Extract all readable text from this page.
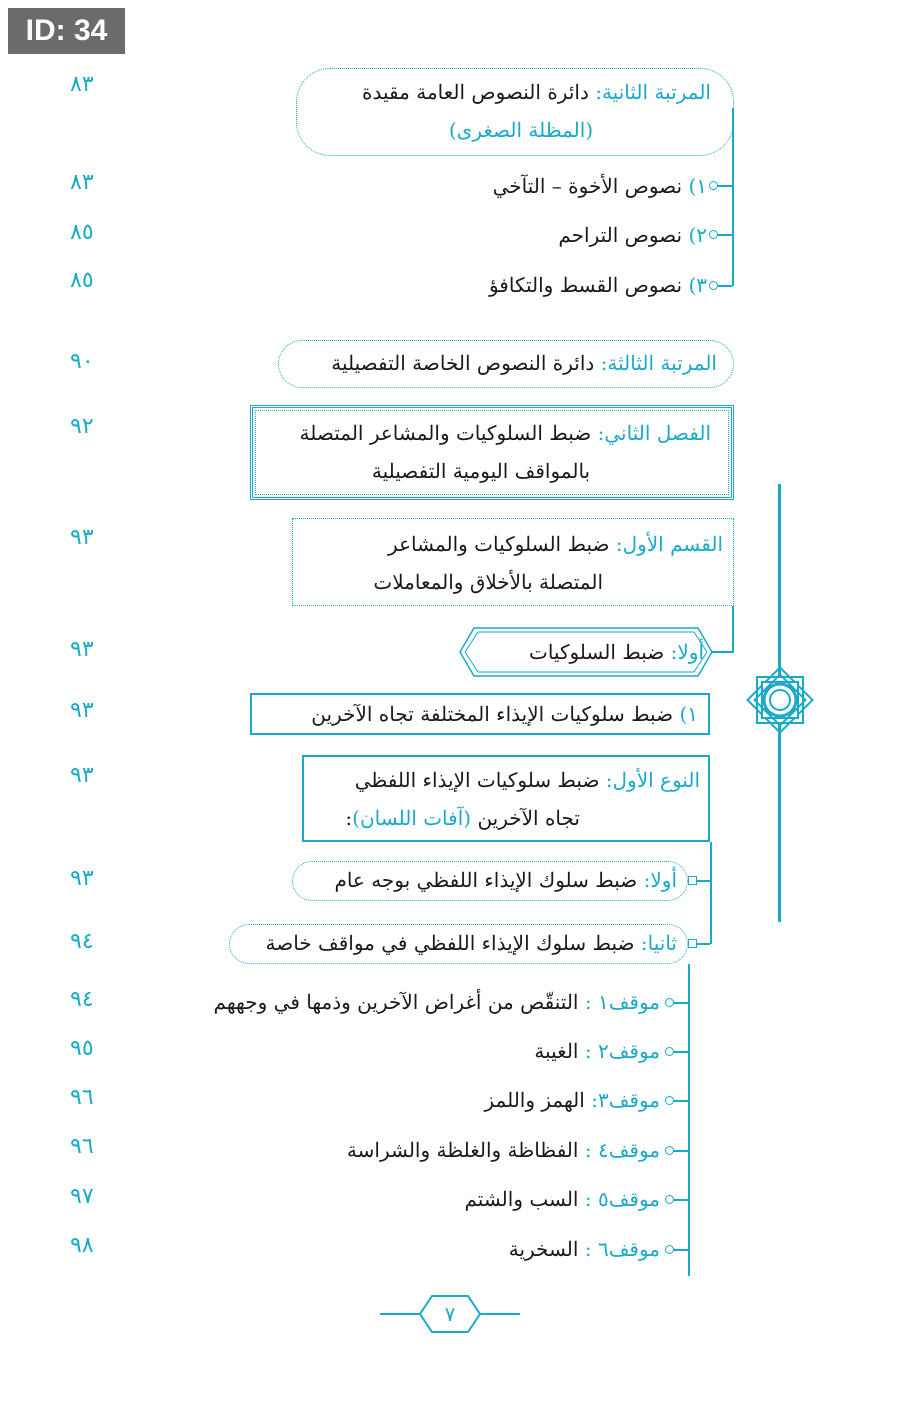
ID: 34
٨٣
٨٣
٨٥
٨٥
٩٠
٩٢
٩٣
٩٣
٩٣
٩٣
٩٣
٩٤
٩٤
٩٥
٩٦
٩٦
٩٧
٩٨
المرتبة الثانية: دائرة النصوص العامة مقيدة
(المظلة الصغرى)
١) نصوص الأخوة – التآخي
٢) نصوص التراحم
٣) نصوص القسط والتكافؤ
المرتبة الثالثة: دائرة النصوص الخاصة التفصيلية
الفصل الثاني: ضبط السلوكيات والمشاعر المتصلة
بالمواقف اليومية التفصيلية
القسم الأول: ضبط السلوكيات والمشاعر
المتصلة بالأخلاق والمعاملات
أولا: ضبط السلوكيات
١) ضبط سلوكيات الإيذاء المختلفة تجاه الآخرين
النوع الأول: ضبط سلوكيات الإيذاء اللفظي
تجاه الآخرين (آفات اللسان):
أولا: ضبط سلوك الإيذاء اللفظي بوجه عام
ثانيا: ضبط سلوك الإيذاء اللفظي في مواقف خاصة
موقف١ : التنقّص من أغراض الآخرين وذمها في وجههم
موقف٢ : الغيبة
موقف٣: الهمز واللمز
موقف٤ : الفظاظة والغلظة والشراسة
موقف٥ : السب والشتم
موقف٦ : السخرية
٧
